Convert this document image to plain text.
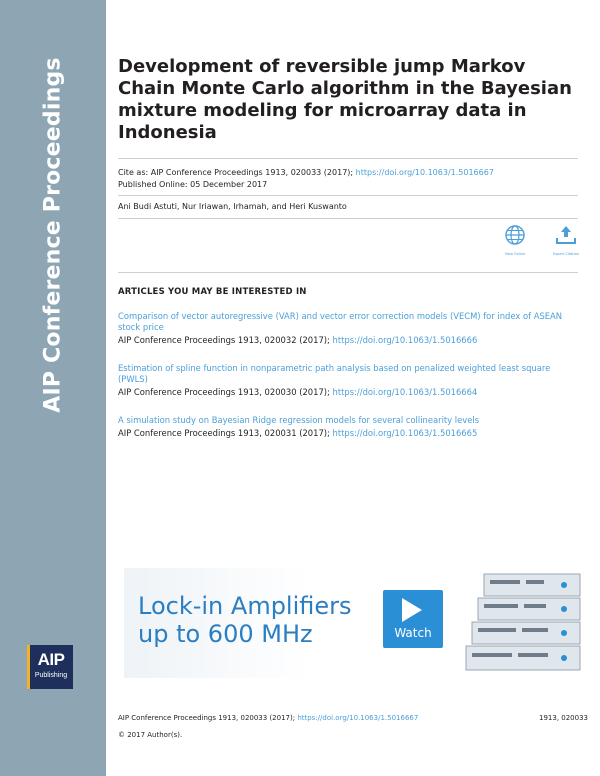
AIP Conference Proceedings
AIP
Publishing
Development of reversible jump Markov Chain Monte Carlo algorithm in the Bayesian mixture modeling for microarray data in Indonesia
Cite as: AIP Conference Proceedings 1913, 020033 (2017); https://doi.org/10.1063/1.5016667
Published Online: 05 December 2017
Ani Budi Astuti, Nur Iriawan, Irhamah, and Heri Kuswanto
View Online	Export Citation
ARTICLES YOU MAY BE INTERESTED IN
Comparison of vector autoregressive (VAR) and vector error correction models (VECM) for index of ASEAN stock price
AIP Conference Proceedings 1913, 020032 (2017); https://doi.org/10.1063/1.5016666
Estimation of spline function in nonparametric path analysis based on penalized weighted least square (PWLS)
AIP Conference Proceedings 1913, 020030 (2017); https://doi.org/10.1063/1.5016664
A simulation study on Bayesian Ridge regression models for several collinearity levels
AIP Conference Proceedings 1913, 020031 (2017); https://doi.org/10.1063/1.5016665
Lock-in Amplifiers
up to 600 MHz	Watch
AIP Conference Proceedings 1913, 020033 (2017); https://doi.org/10.1063/1.5016667	1913, 020033
© 2017 Author(s).
